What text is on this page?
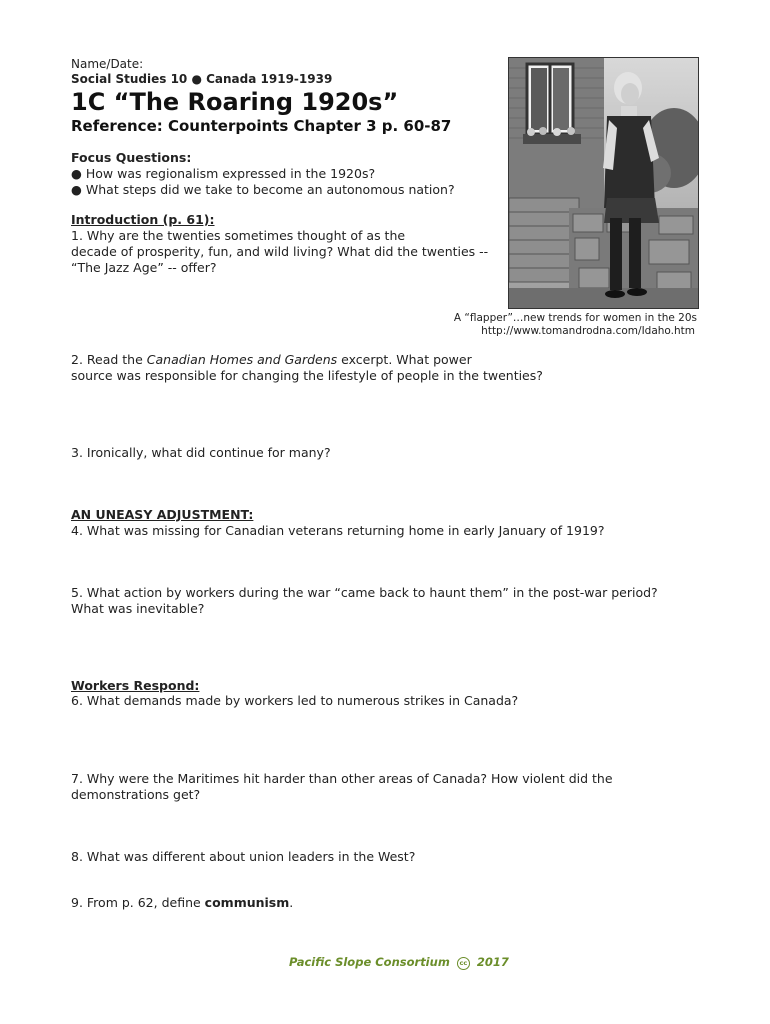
Name/Date:
Social Studies 10 ● Canada 1919-1939
1C “The Roaring 1920s”
Reference: Counterpoints Chapter 3 p. 60-87
Focus Questions:
● How was regionalism expressed in the 1920s?
● What steps did we take to become an autonomous nation?
Introduction (p. 61):
1. Why are the twenties sometimes thought of as the
decade of prosperity, fun, and wild living? What did the twenties --
“The Jazz Age” -- offer?
A “flapper”…new trends for women in the 20s
http://www.tomandrodna.com/Idaho.htm
2. Read the Canadian Homes and Gardens excerpt. What power
source was responsible for changing the lifestyle of people in the twenties?
3. Ironically, what did continue for many?
AN UNEASY ADJUSTMENT:
4. What was missing for Canadian veterans returning home in early January of 1919?
5. What action by workers during the war “came back to haunt them” in the post-war period?
What was inevitable?
Workers Respond:
6. What demands made by workers led to numerous strikes in Canada?
7. Why were the Maritimes hit harder than other areas of Canada? How violent did the
demonstrations get?
8. What was different about union leaders in the West?
9. From p. 62, define communism.
Pacific Slope Consortium cc 2017
